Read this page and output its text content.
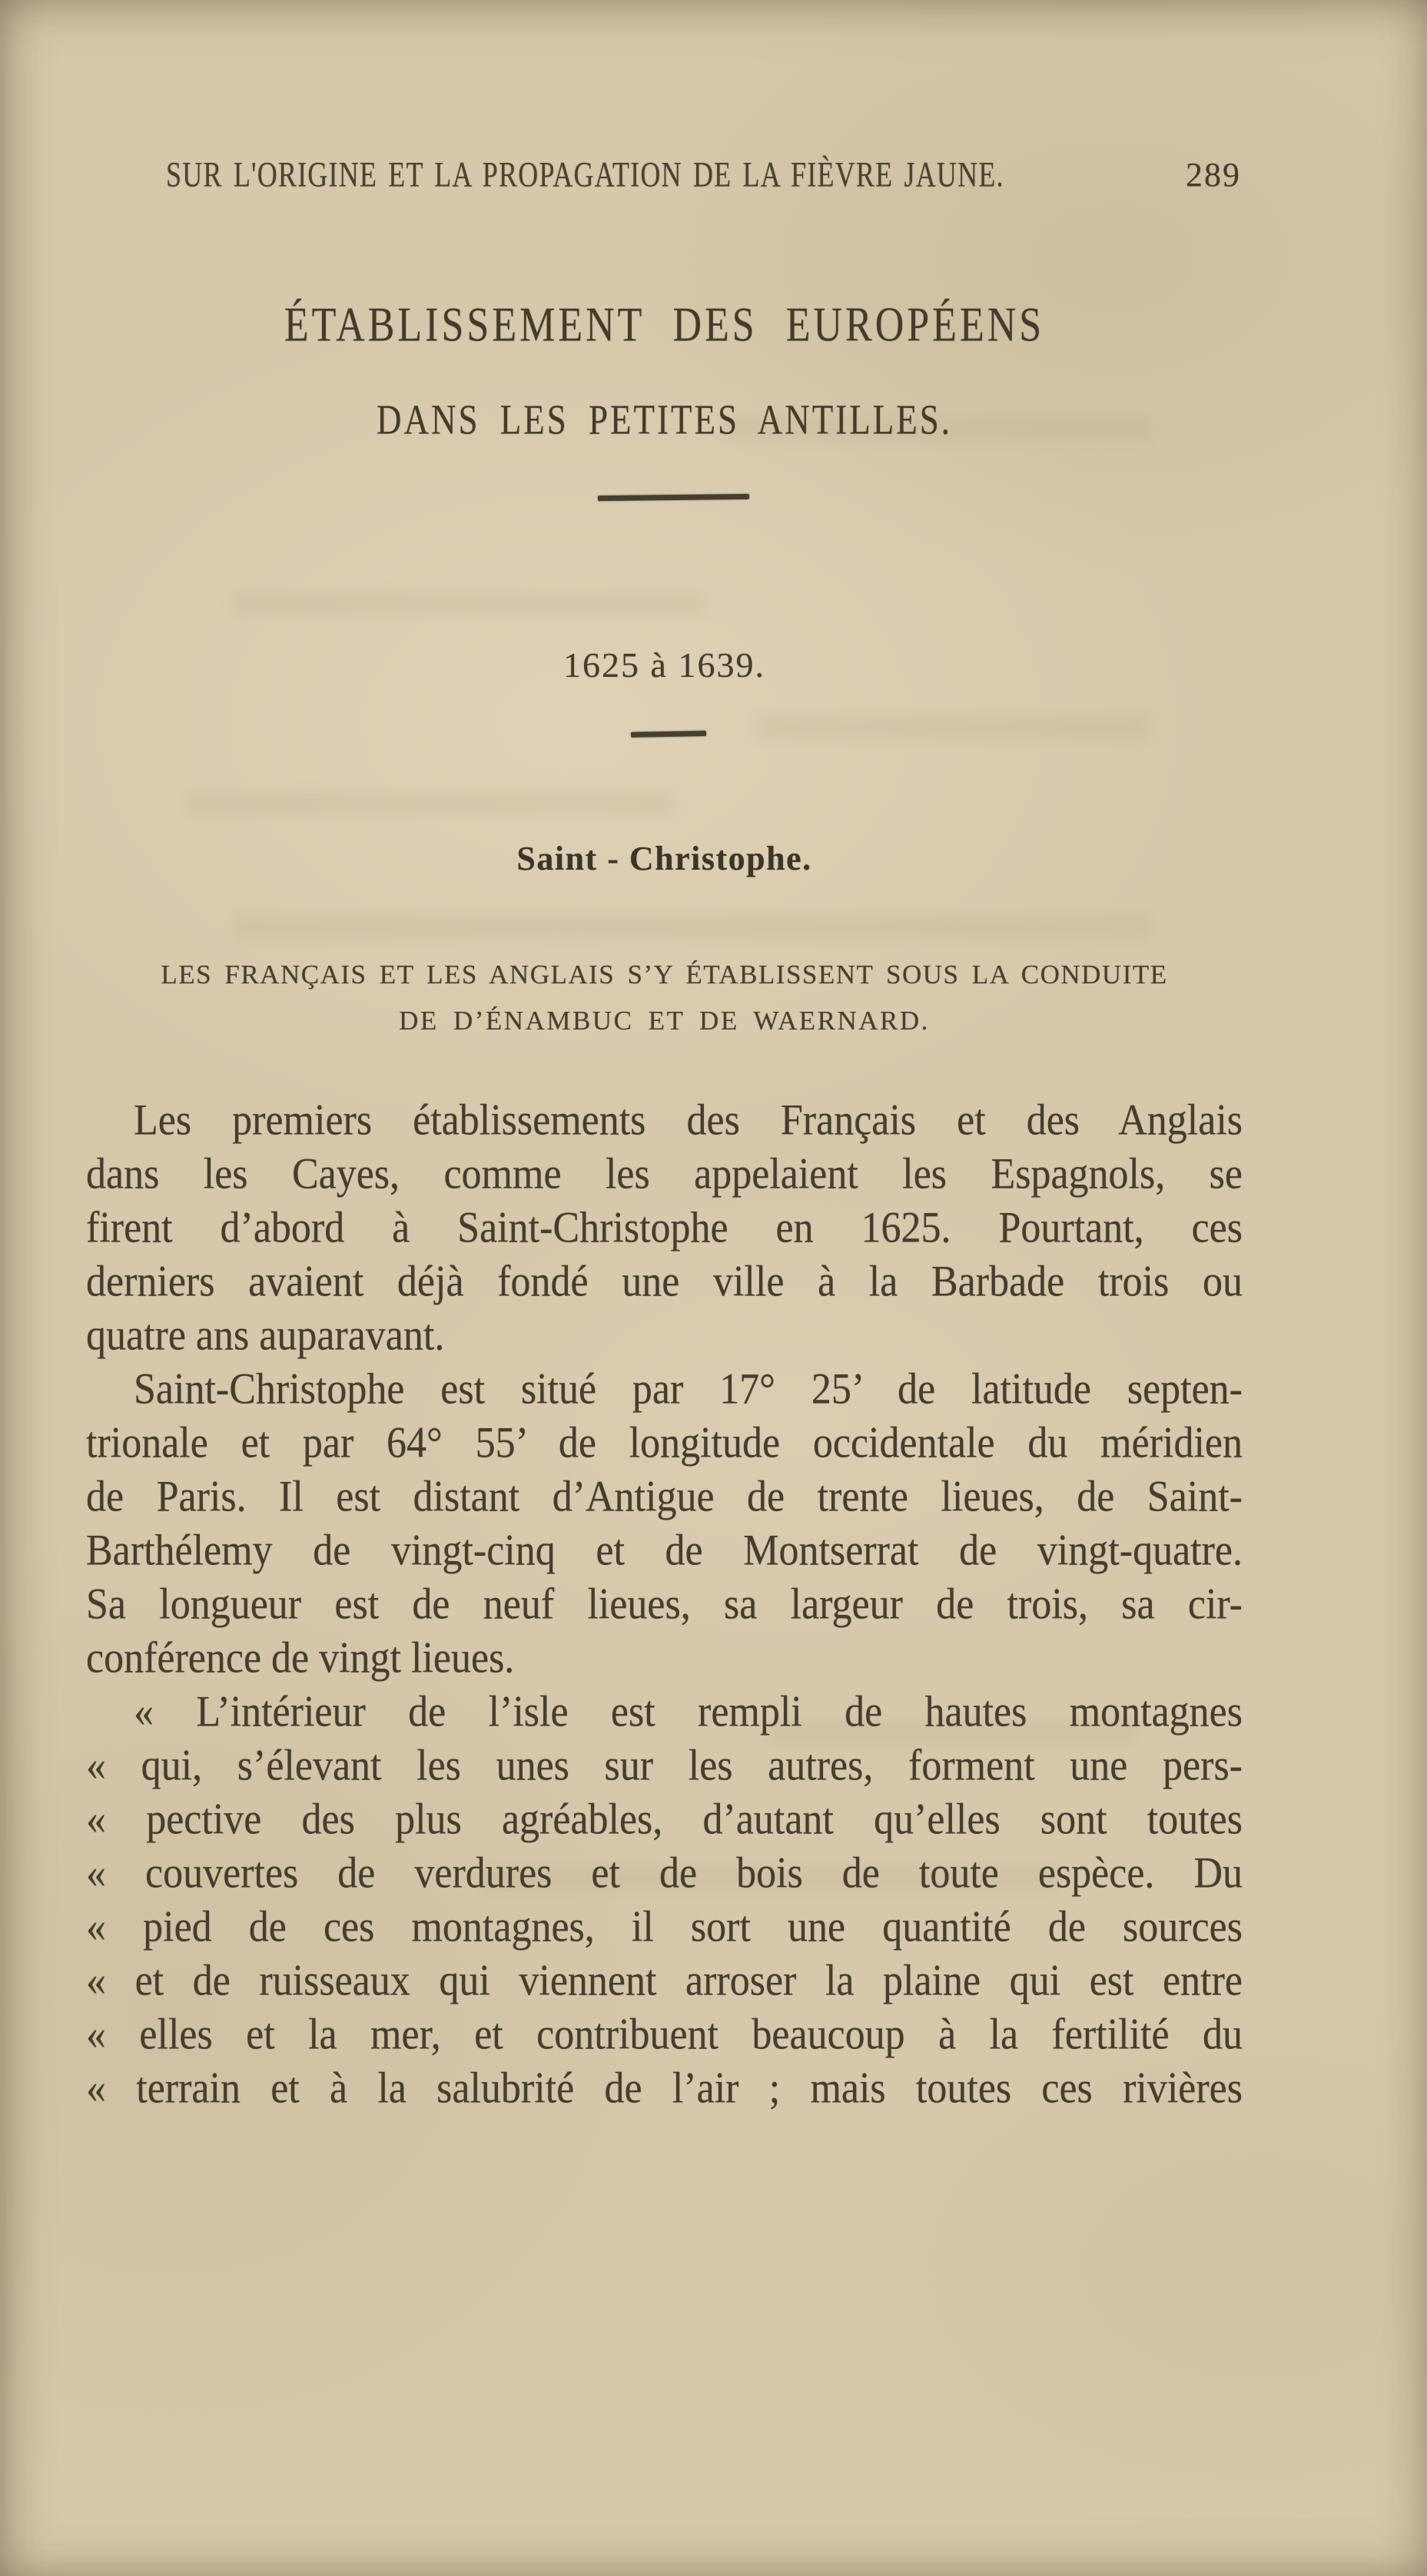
SUR L'ORIGINE ET LA PROPAGATION DE LA FIÈVRE JAUNE.	289
ÉTABLISSEMENT DES EUROPÉENS
DANS LES PETITES ANTILLES.
1625 à 1639.
Saint - Christophe.
LES FRANÇAIS ET LES ANGLAIS S’Y ÉTABLISSENT SOUS LA CONDUITE
DE D’ÉNAMBUC ET DE WAERNARD.
Les premiers établissements des Français et des Anglais
dans les Cayes, comme les appelaient les Espagnols, se
firent d’abord à Saint-Christophe en 1625. Pourtant, ces
derniers avaient déjà fondé une ville à la Barbade trois ou
quatre ans auparavant.
Saint-Christophe est situé par 17° 25’ de latitude septen-
trionale et par 64° 55’ de longitude occidentale du méridien
de Paris. Il est distant d’Antigue de trente lieues, de Saint-
Barthélemy de vingt-cinq et de Montserrat de vingt-quatre.
Sa longueur est de neuf lieues, sa largeur de trois, sa cir-
conférence de vingt lieues.
« L’intérieur de l’isle est rempli de hautes montagnes
« qui, s’élevant les unes sur les autres, forment une pers-
« pective des plus agréables, d’autant qu’elles sont toutes
« couvertes de verdures et de bois de toute espèce. Du
« pied de ces montagnes, il sort une quantité de sources
« et de ruisseaux qui viennent arroser la plaine qui est entre
« elles et la mer, et contribuent beaucoup à la fertilité du
« terrain et à la salubrité de l’air ; mais toutes ces rivières
